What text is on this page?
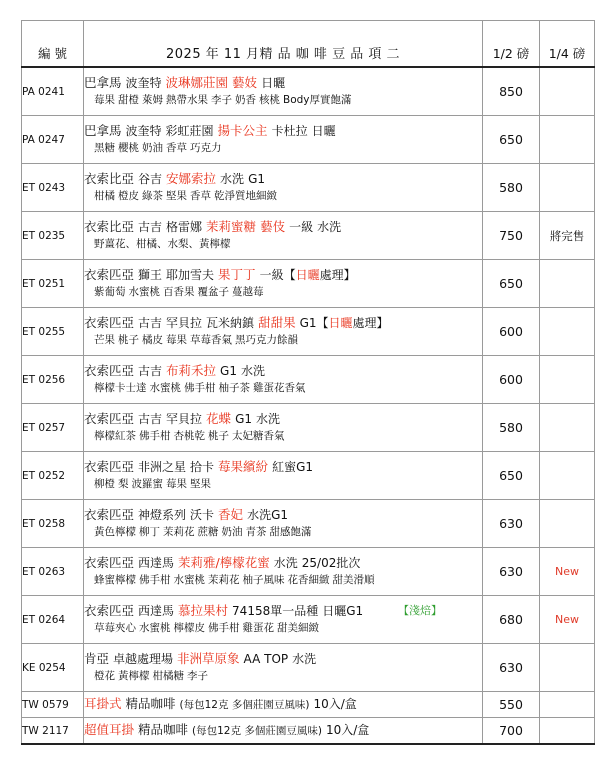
編 號	2025 年 11 月精 品 咖 啡 豆 品 項 二	1/2 磅	1/4 磅
PA 0241	巴拿馬 波奎特 波琳娜莊園 藝妓 日曬
莓果 甜橙 萊姆 熱帶水果 李子 奶香 核桃 Body厚實飽滿	850	
PA 0247	巴拿馬 波奎特 彩虹莊園 揚卡公主 卡杜拉 日曬
黑糖 櫻桃 奶油 香草 巧克力	650	
ET 0243	衣索比亞 谷吉 安娜索拉 水洗 G1
柑橘 橙皮 綠茶 堅果 香草 乾淨質地細緻	580	
ET 0235	衣索比亞 古吉 格雷娜 茉莉蜜糖 藝伎 一級 水洗
野薑花、柑橘、水梨、黃檸檬	750	將完售
ET 0251	衣索匹亞 獅王 耶加雪夫 果丁丁 一級【日曬處理】
紫葡萄 水蜜桃 百香果 覆盆子 蔓越莓	650	
ET 0255	衣索匹亞 古吉 罕貝拉 瓦米納鎮 甜甜果 G1【日曬處理】
芒果 桃子 橘皮 莓果 草莓香氣 黑巧克力餘韻	600	
ET 0256	衣索匹亞 古吉 布莉禾拉 G1 水洗
檸檬卡士達 水蜜桃 佛手柑 柚子茶 雞蛋花香氣	600	
ET 0257	衣索匹亞 古吉 罕貝拉 花蝶 G1 水洗
檸檬紅茶 佛手柑 杏桃乾 桃子 太妃糖香氣	580	
ET 0252	衣索匹亞 非洲之星 拾卡 莓果繽紛 紅蜜G1
柳橙 梨 波羅蜜 莓果 堅果	650	
ET 0258	衣索匹亞 神燈系列 沃卡 香妃 水洗G1
黃色檸檬 柳丁 茉莉花 蔗糖 奶油 青茶 甜感飽滿	630	
ET 0263	衣索匹亞 西達馬 茉莉雅/檸檬花蜜 水洗 25/02批次
蜂蜜檸檬 佛手柑 水蜜桃 茉莉花 柚子風味 花香細緻 甜美滑順	630	New
ET 0264	衣索匹亞 西達馬 慕拉果村 74158單一品種 日曬G1 【淺焙】
草莓夾心 水蜜桃 檸檬皮 佛手柑 雞蛋花 甜美細緻	680	New
KE 0254	肯亞 卓越處理場 非洲草原象 AA TOP 水洗
橙花 黃檸檬 柑橘糖 李子	630	
TW 0579	耳掛式 精品咖啡 (每包12克 多個莊園豆風味) 10入/盒	550	
TW 2117	超值耳掛 精品咖啡 (每包12克 多個莊園豆風味) 10入/盒	700	
